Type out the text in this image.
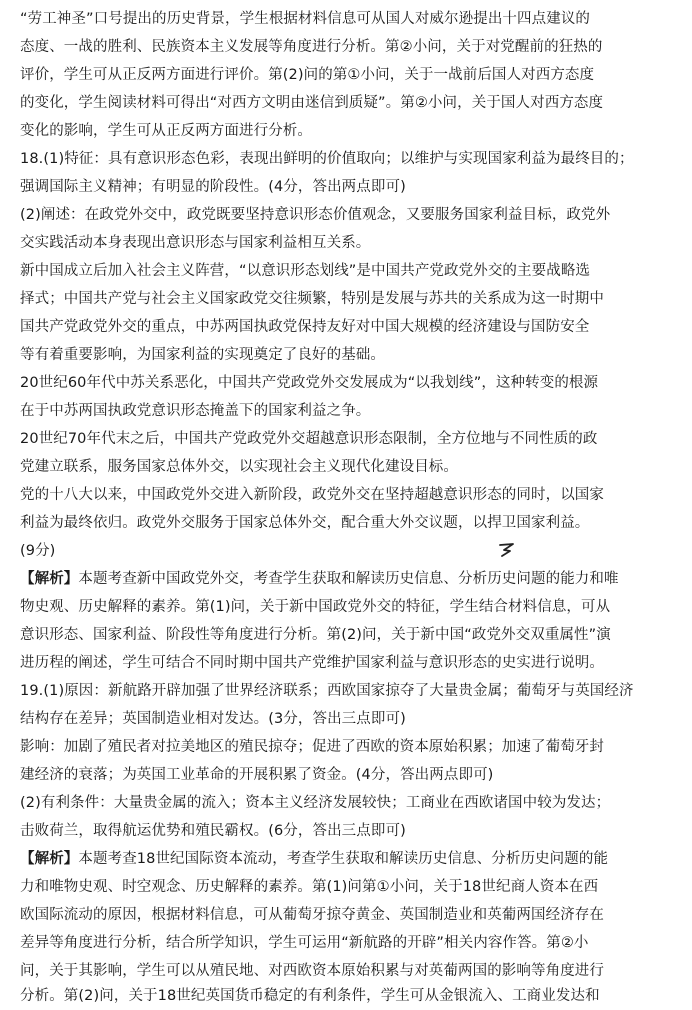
“劳工神圣”口号提出的历史背景，学生根据材料信息可从国人对威尔逊提出十四点建议的
态度、一战的胜利、民族资本主义发展等角度进行分析。第②小问，关于对党醒前的狂热的
评价，学生可从正反两方面进行评价。第(2)问的第①小问，关于一战前后国人对西方态度
的变化，学生阅读材料可得出“对西方文明由迷信到质疑”。第②小问，关于国人对西方态度
变化的影响，学生可从正反两方面进行分析。
18.(1)特征：具有意识形态色彩，表现出鲜明的价值取向；以维护与实现国家利益为最终目的；
强调国际主义精神；有明显的阶段性。(4分，答出两点即可)
(2)阐述：在政党外交中，政党既要坚持意识形态价值观念，又要服务国家利益目标，政党外
交实践活动本身表现出意识形态与国家利益相互关系。
新中国成立后加入社会主义阵营，“以意识形态划线”是中国共产党政党外交的主要战略选
择式；中国共产党与社会主义国家政党交往频繁，特别是发展与苏共的关系成为这一时期中
国共产党政党外交的重点，中苏两国执政党保持友好对中国大规模的经济建设与国防安全
等有着重要影响，为国家利益的实现奠定了良好的基础。
20世纪60年代中苏关系恶化，中国共产党政党外交发展成为“以我划线”，这种转变的根源
在于中苏两国执政党意识形态掩盖下的国家利益之争。
20世纪70年代末之后，中国共产党政党外交超越意识形态限制，全方位地与不同性质的政
党建立联系，服务国家总体外交，以实现社会主义现代化建设目标。
党的十八大以来，中国政党外交进入新阶段，政党外交在坚持超越意识形态的同时，以国家
利益为最终依归。政党外交服务于国家总体外交，配合重大外交议题，以捍卫国家利益。
(9分)
【解析】本题考查新中国政党外交，考查学生获取和解读历史信息、分析历史问题的能力和唯
物史观、历史解释的素养。第(1)问，关于新中国政党外交的特征，学生结合材料信息，可从
意识形态、国家利益、阶段性等角度进行分析。第(2)问，关于新中国“政党外交双重属性”演
进历程的阐述，学生可结合不同时期中国共产党维护国家利益与意识形态的史实进行说明。
19.(1)原因：新航路开辟加强了世界经济联系；西欧国家掠夺了大量贵金属；葡萄牙与英国经济
结构存在差异；英国制造业相对发达。(3分，答出三点即可)
影响：加剧了殖民者对拉美地区的殖民掠夺；促进了西欧的资本原始积累；加速了葡萄牙封
建经济的衰落；为英国工业革命的开展积累了资金。(4分，答出两点即可)
(2)有利条件：大量贵金属的流入；资本主义经济发展较快；工商业在西欧诸国中较为发达；
击败荷兰，取得航运优势和殖民霸权。(6分，答出三点即可)
【解析】本题考查18世纪国际资本流动，考查学生获取和解读历史信息、分析历史问题的能
力和唯物史观、时空观念、历史解释的素养。第(1)问第①小问，关于18世纪商人资本在西
欧国际流动的原因，根据材料信息，可从葡萄牙掠夺黄金、英国制造业和英葡两国经济存在
差异等角度进行分析，结合所学知识，学生可运用“新航路的开辟”相关内容作答。第②小
问，关于其影响，学生可以从殖民地、对西欧资本原始积累与对英葡两国的影响等角度进行
分析。第(2)问，关于18世纪英国货币稳定的有利条件，学生可从金银流入、工商业发达和
